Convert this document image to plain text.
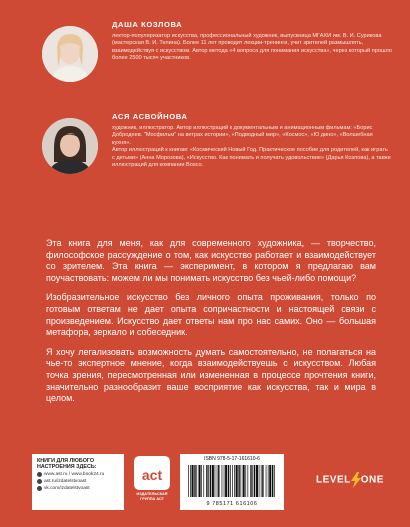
ДАША КОЗЛОВА
лектор-популяризатор искусства, профессиональный художник, выпускница МГАХИ им. В. И. Сурикова (мастерская В. И. Телина). Более 11 лет проводит лекции-тренинги, учит зрителей размышлять, взаимодействуя с искусством. Автор метода «4 вопроса для понимания искусства», через который прошло более 2500 тысяч участников.
АСЯ АСВОЙНОВА

художник, иллюстратор. Автор иллюстраций к документальным и анимационным фильмам: «Борис Добродеев. "Мосфильм" на ветрах истории», «Подводный мир», «Космос», «Ю дино», «Волшебная кухня».

Автор иллюстраций к книгам: «Космический Новый Год. Практическое пособие для родителей, как играть с детьми» (Анна Морозова), «Искусство. Как понимать и получать удовольствие» (Дарья Козлова), а также иллюстраций для компании Bosco.

Эта книга для меня, как для современного художника, — творчество, философское рассуждение о том, как искусство работает и взаимодействует со зрителем. Эта книга — эксперимент, в котором я предлагаю вам поучаствовать: можем ли мы понимать искусство без чьей-либо помощи?

Изобразительное искусство без личного опыта проживания, только по готовым ответам не дает опыта сопричастности и настоящей связи с произведением. Искусство дает ответы нам про нас самих. Оно — большая метафора, зеркало и собеседник.

Я хочу легализовать возможность думать самостоятельно, не полагаться на чье-то экспертное мнение, когда взаимодействуешь с искусством. Любая точка зрения, пересмотренная или измененная в процессе прочтения книги, значительно разнообразит ваше восприятие как искусства, так и мира в целом.

КНИГИ ДЛЯ ЛЮБОГО НАСТРОЕНИЯ ЗДЕСЬ:
www.ast.ru / www.book24.ru
ast.ru/izdatelstvoast
vk.com/izdatelstvoast
act
ИЗДАТЕЛЬСКАЯ ГРУППА АСТ
ISBN 978-5-17-161610-6
9 785171 616106
LEVEL ONE
